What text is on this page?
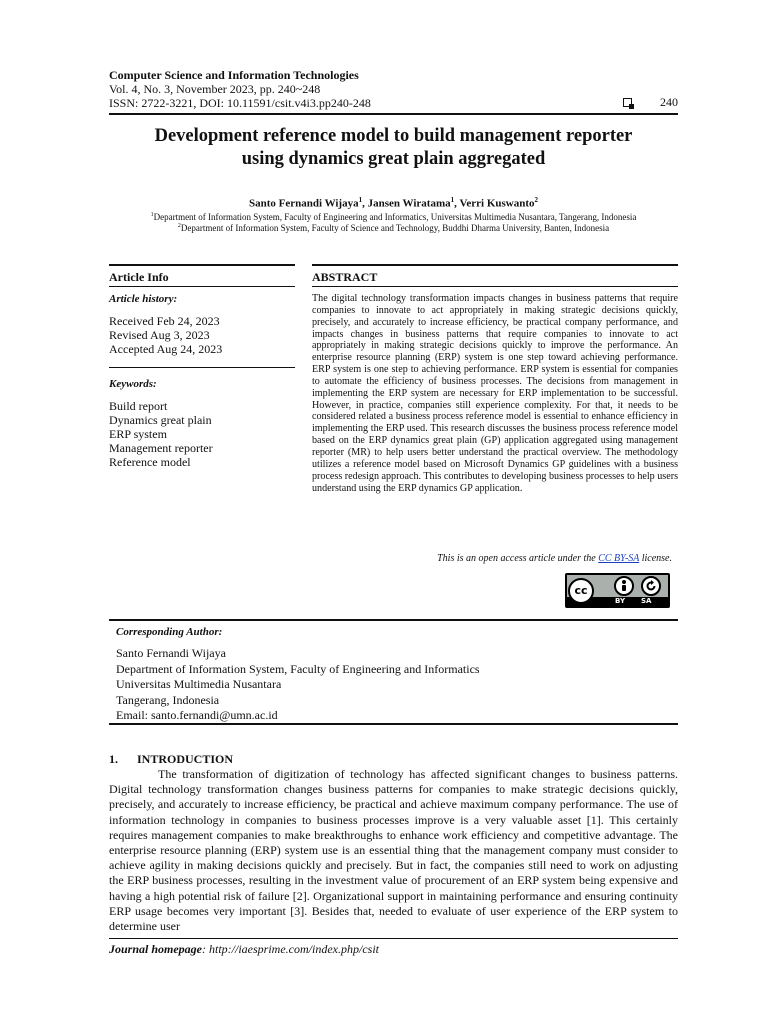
Computer Science and Information Technologies
Vol. 4, No. 3, November 2023, pp. 240~248
ISSN: 2722-3221, DOI: 10.11591/csit.v4i3.pp240-248	240
Development reference model to build management reporter
using dynamics great plain aggregated
Santo Fernandi Wijaya$^1$, Jansen Wiratama$^1$, Verri Kuswanto$^2$
$^1$Department of Information System, Faculty of Engineering and Informatics, Universitas Multimedia Nusantara, Tangerang, Indonesia
$^2$Department of Information System, Faculty of Science and Technology, Buddhi Dharma University, Banten, Indonesia
Article Info	ABSTRACT
Article history:
Received Feb 24, 2023
Revised Aug 3, 2023
Accepted Aug 24, 2023
Keywords:
Build report
Dynamics great plain
ERP system
Management reporter
Reference model
The digital technology transformation impacts changes in business patterns that require companies to innovate to act appropriately in making strategic decisions quickly, precisely, and accurately to increase efficiency, be practical company performance, and impacts changes in business patterns that require companies to innovate to act appropriately in making strategic decisions quickly to improve the performance. An enterprise resource planning (ERP) system is one step toward achieving performance. ERP system is one step to achieving performance. ERP system is essential for companies to automate the efficiency of business processes. The decisions from management in implementing the ERP system are necessary for ERP implementation to be successful. However, in practice, companies still experience complexity. For that, it needs to be considered related a business process reference model is essential to enhance efficiency in implementing the ERP used. This research discusses the business process reference model based on the ERP dynamics great plain (GP) application aggregated using management reporter (MR) to help users better understand the practical overview. The methodology utilizes a reference model based on Microsoft Dynamics GP guidelines with a business process redesign approach. This contributes to developing business processes to help users understand using the ERP dynamics GP application.
This is an open access article under the CC BY-SA license.
cc
BY SA
Corresponding Author:
Santo Fernandi Wijaya
Department of Information System, Faculty of Engineering and Informatics
Universitas Multimedia Nusantara
Tangerang, Indonesia
Email: santo.fernandi@umn.ac.id
1. INTRODUCTION
The transformation of digitization of technology has affected significant changes to business patterns. Digital technology transformation changes business patterns for companies to make strategic decisions quickly, precisely, and accurately to increase efficiency, be practical and achieve maximum company performance. The use of information technology in companies to business processes improve is a very valuable asset [1]. This certainly requires management companies to make breakthroughs to enhance work efficiency and competitive advantage. The enterprise resource planning (ERP) system use is an essential thing that the management company must consider to achieve agility in making decisions quickly and precisely. But in fact, the companies still need to work on adjusting the ERP business processes, resulting in the investment value of procurement of an ERP system being expensive and having a high potential risk of failure [2]. Organizational support in maintaining performance and ensuring continuity ERP usage becomes very important [3]. Besides that, needed to evaluate of user experience of the ERP system to determine user
Journal homepage: http://iaesprime.com/index.php/csit
